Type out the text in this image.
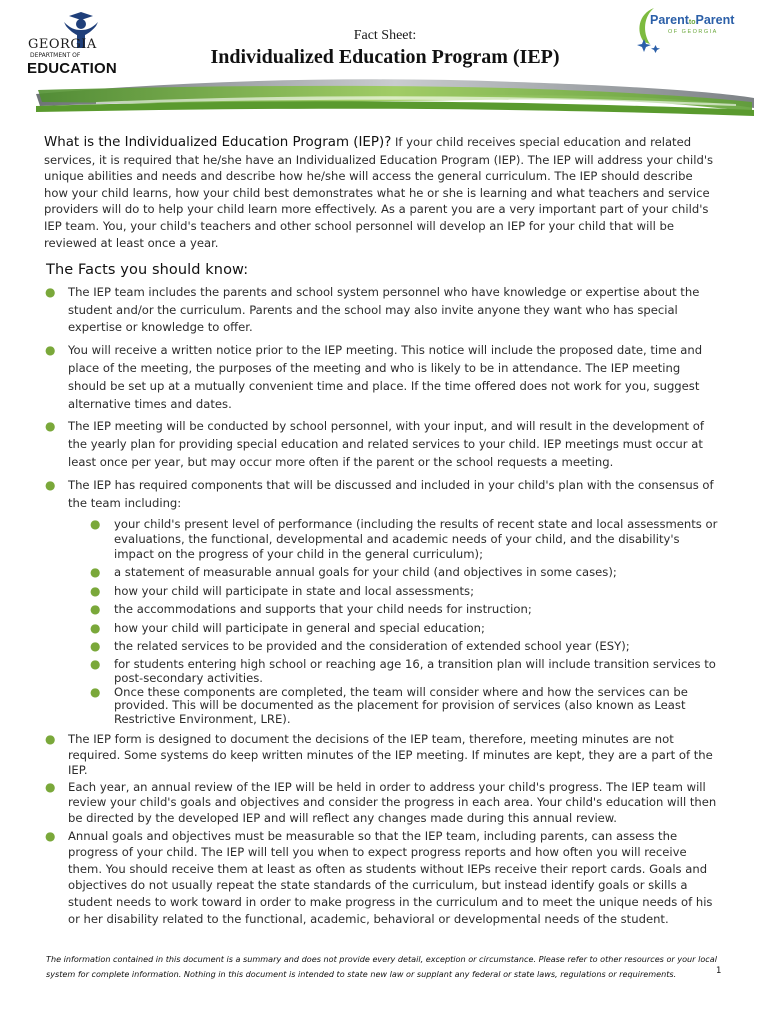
GEORGIA
DEPARTMENT OF
EDUCATION
Fact Sheet:
Individualized Education Program (IEP)
ParenttoParent
OF GEORGIA

What is the Individualized Education Program (IEP)? If your child receives special education and related services, it is required that he/she have an Individualized Education Program (IEP). The IEP will address your child's unique abilities and needs and describe how he/she will access the general curriculum. The IEP should describe how your child learns, how your child best demonstrates what he or she is learning and what teachers and service providers will do to help your child learn more effectively. As a parent you are a very important part of your child's IEP team. You, your child's teachers and other school personnel will develop an IEP for your child that will be reviewed at least once a year.

The Facts you should know:
● The IEP team includes the parents and school system personnel who have knowledge or expertise about the student and/or the curriculum. Parents and the school may also invite anyone they want who has special expertise or knowledge to offer.
● You will receive a written notice prior to the IEP meeting. This notice will include the proposed date, time and place of the meeting, the purposes of the meeting and who is likely to be in attendance. The IEP meeting should be set up at a mutually convenient time and place. If the time offered does not work for you, suggest alternative times and dates.
● The IEP meeting will be conducted by school personnel, with your input, and will result in the development of the yearly plan for providing special education and related services to your child. IEP meetings must occur at least once per year, but may occur more often if the parent or the school requests a meeting.
● The IEP has required components that will be discussed and included in your child's plan with the consensus of the team including:
● your child's present level of performance (including the results of recent state and local assessments or evaluations, the functional, developmental and academic needs of your child, and the disability's impact on the progress of your child in the general curriculum);
● a statement of measurable annual goals for your child (and objectives in some cases);
● how your child will participate in state and local assessments;
● the accommodations and supports that your child needs for instruction;
● how your child will participate in general and special education;
● the related services to be provided and the consideration of extended school year (ESY);
● for students entering high school or reaching age 16, a transition plan will include transition services to post-secondary activities.
● Once these components are completed, the team will consider where and how the services can be provided. This will be documented as the placement for provision of services (also known as Least Restrictive Environment, LRE).
● The IEP form is designed to document the decisions of the IEP team, therefore, meeting minutes are not required. Some systems do keep written minutes of the IEP meeting. If minutes are kept, they are a part of the IEP.
● Each year, an annual review of the IEP will be held in order to address your child's progress. The IEP team will review your child's goals and objectives and consider the progress in each area. Your child's education will then be directed by the developed IEP and will reflect any changes made during this annual review.
● Annual goals and objectives must be measurable so that the IEP team, including parents, can assess the progress of your child. The IEP will tell you when to expect progress reports and how often you will receive them. You should receive them at least as often as students without IEPs receive their report cards. Goals and objectives do not usually repeat the state standards of the curriculum, but instead identify goals or skills a student needs to work toward in order to make progress in the curriculum and to meet the unique needs of his or her disability related to the functional, academic, behavioral or developmental needs of the student.
The information contained in this document is a summary and does not provide every detail, exception or circumstance. Please refer to other resources or your local system for complete information. Nothing in this document is intended to state new law or supplant any federal or state laws, regulations or requirements.	1
